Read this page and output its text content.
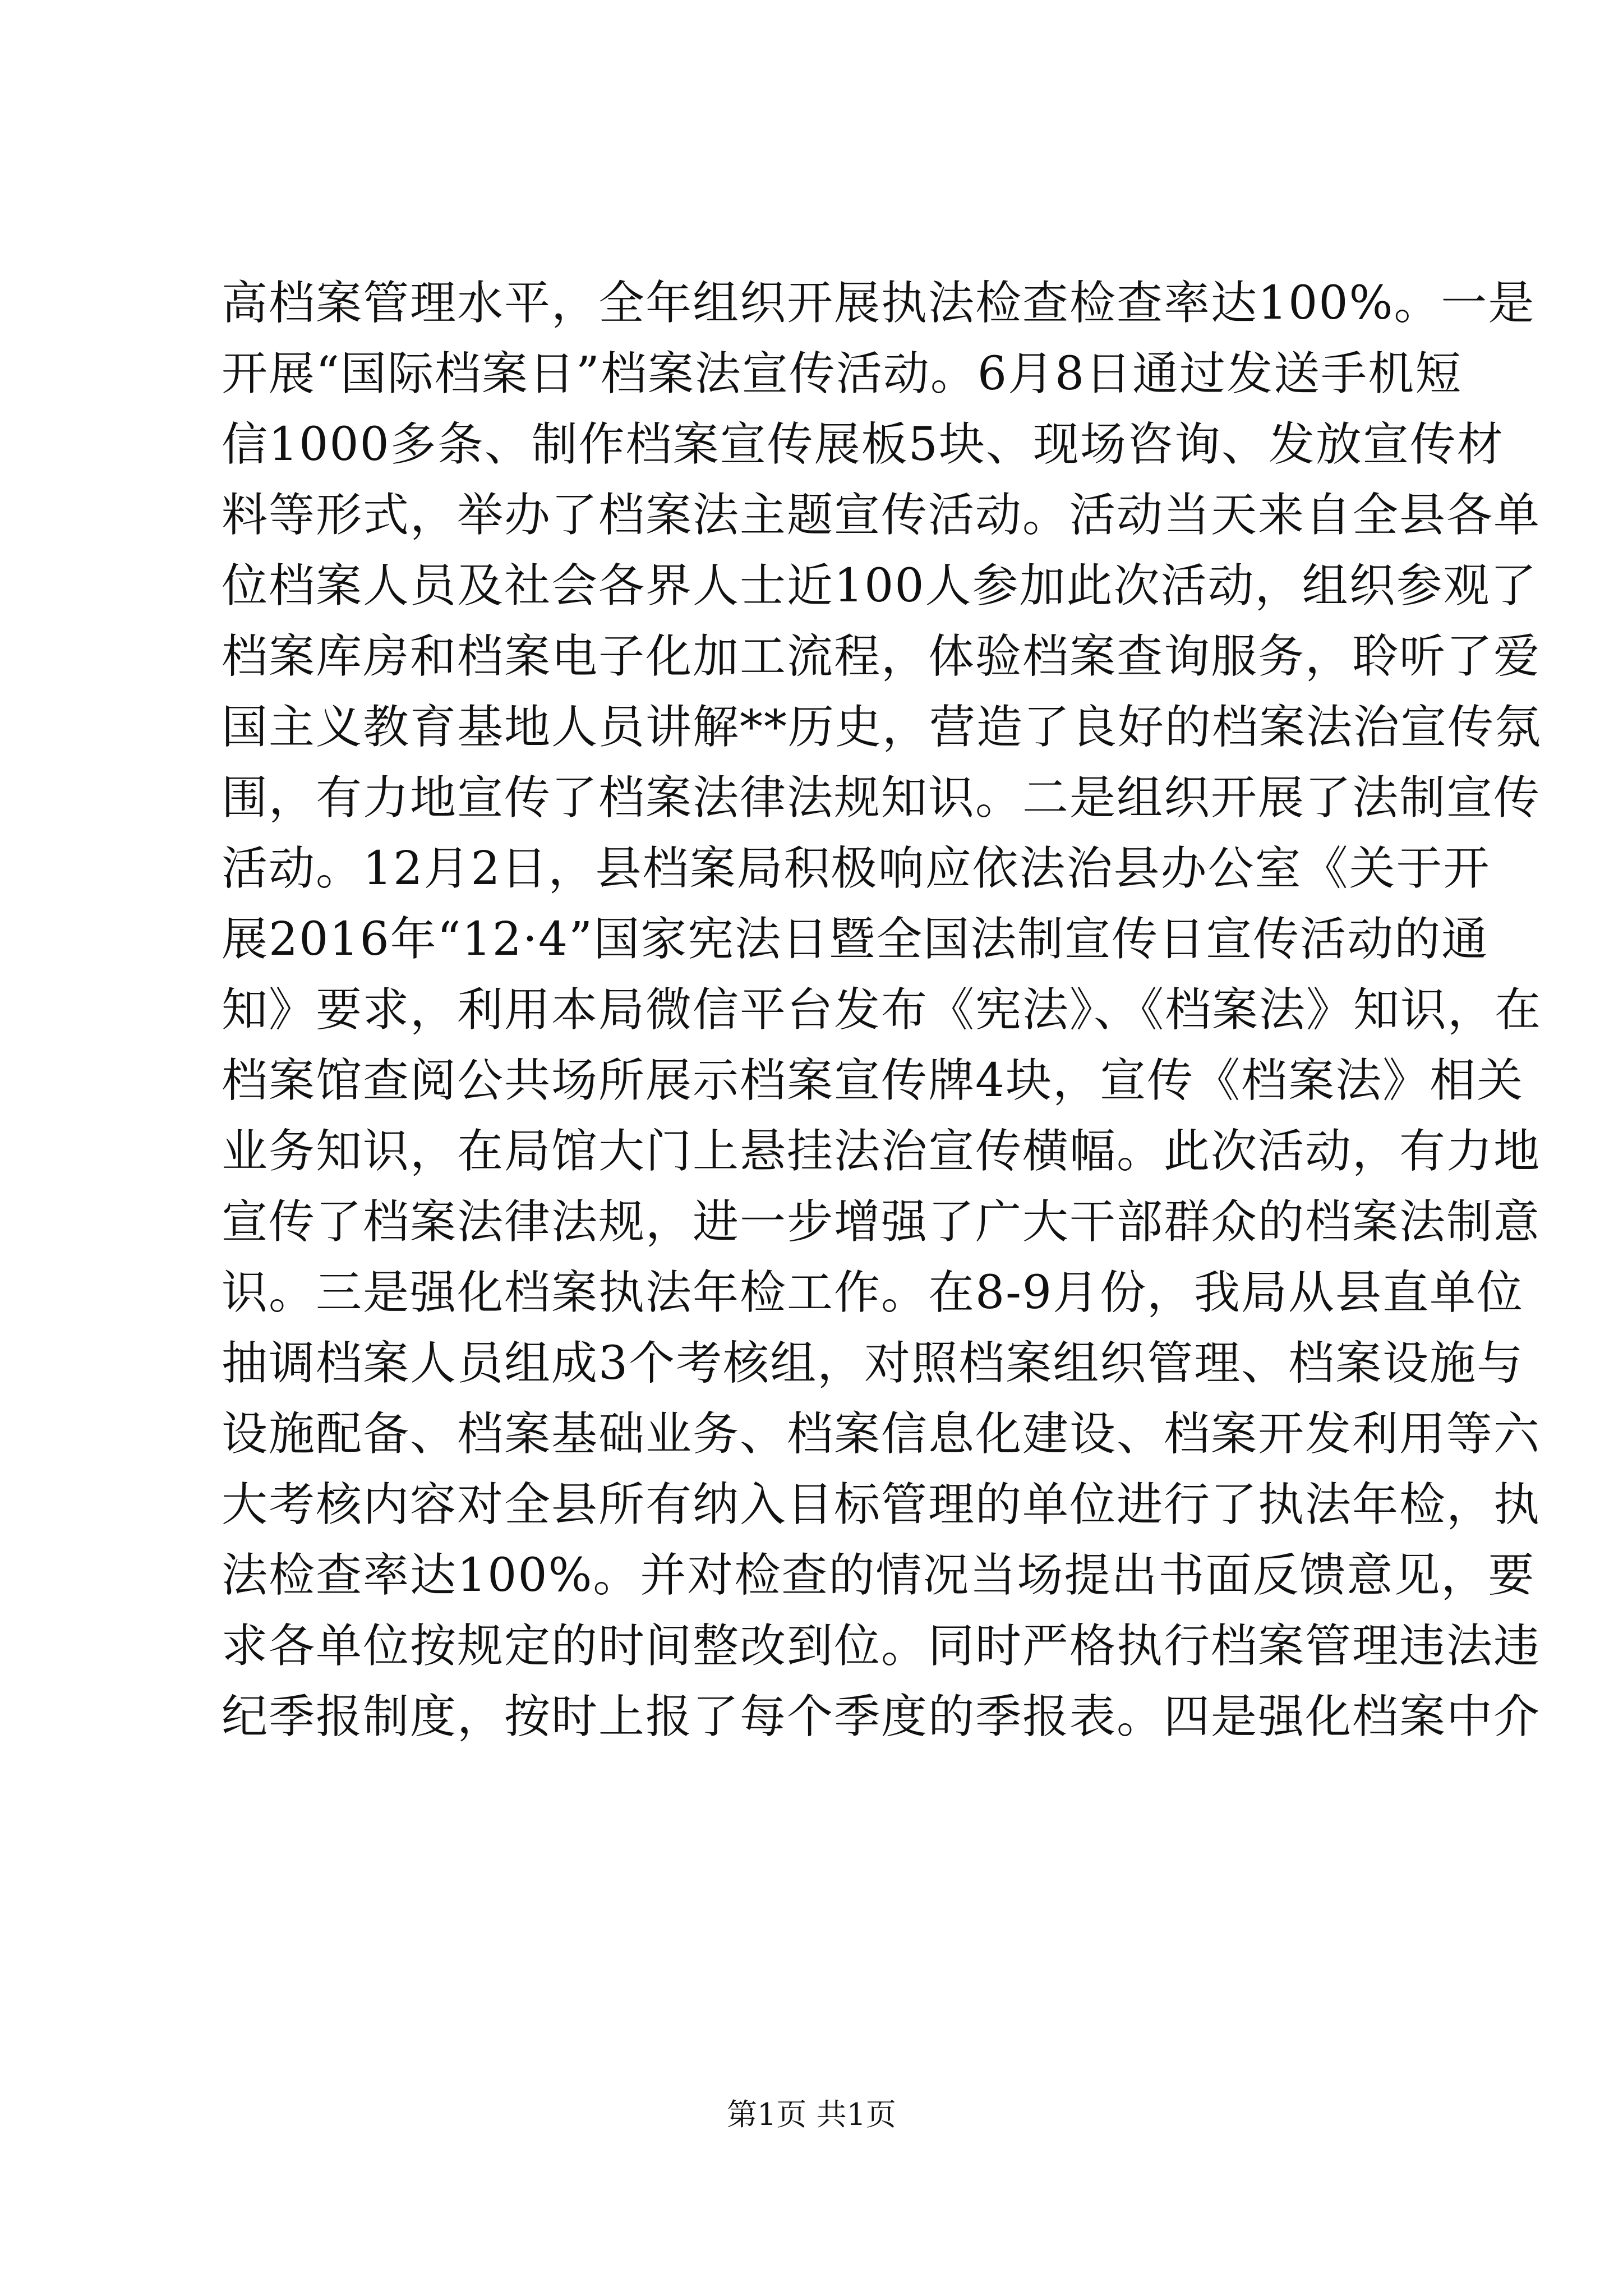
高档案管理水平，全年组织开展执法检查检查率达100%。一是
开展“国际档案日”档案法宣传活动。6月8日通过发送手机短
信1000多条、制作档案宣传展板5块、现场咨询、发放宣传材
料等形式，举办了档案法主题宣传活动。活动当天来自全县各单
位档案人员及社会各界人士近100人参加此次活动，组织参观了
档案库房和档案电子化加工流程，体验档案查询服务，聆听了爱
国主义教育基地人员讲解**历史，营造了良好的档案法治宣传氛
围，有力地宣传了档案法律法规知识。二是组织开展了法制宣传
活动。12月2日，县档案局积极响应依法治县办公室《关于开
展2016年“12·4”国家宪法日暨全国法制宣传日宣传活动的通
知》要求，利用本局微信平台发布《宪法》、《档案法》知识，在
档案馆查阅公共场所展示档案宣传牌4块，宣传《档案法》相关
业务知识，在局馆大门上悬挂法治宣传横幅。此次活动，有力地
宣传了档案法律法规，进一步增强了广大干部群众的档案法制意
识。三是强化档案执法年检工作。在8-9月份，我局从县直单位
抽调档案人员组成3个考核组，对照档案组织管理、档案设施与
设施配备、档案基础业务、档案信息化建设、档案开发利用等六
大考核内容对全县所有纳入目标管理的单位进行了执法年检，执
法检查率达100%。并对检查的情况当场提出书面反馈意见，要
求各单位按规定的时间整改到位。同时严格执行档案管理违法违
纪季报制度，按时上报了每个季度的季报表。四是强化档案中介
第1页 共1页
